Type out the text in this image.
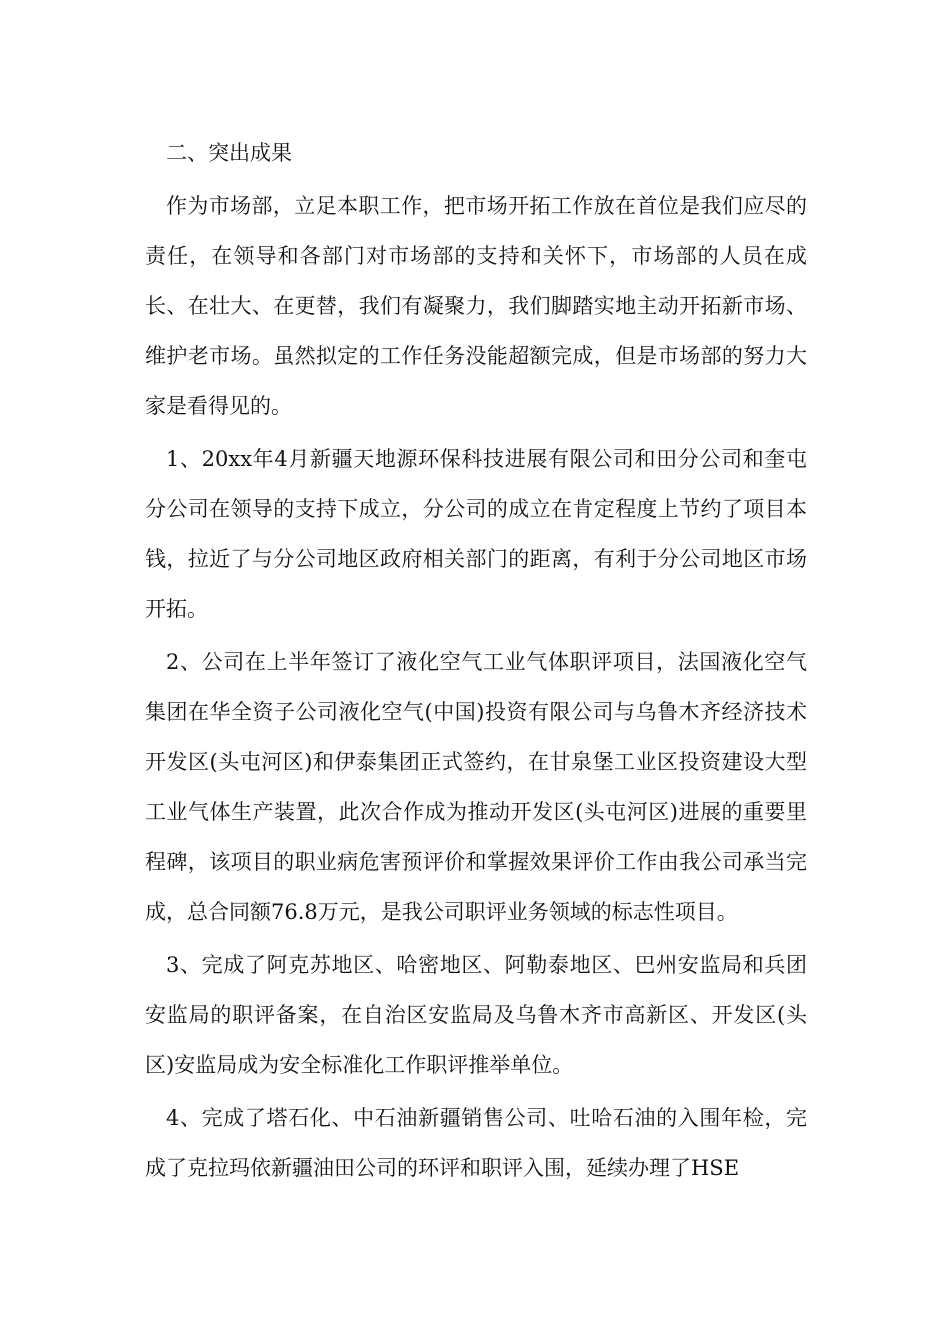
二、突出成果

作为市场部，立足本职工作，把市场开拓工作放在首位是我们应尽的责任，在领导和各部门对市场部的支持和关怀下，市场部的人员在成长、在壮大、在更替，我们有凝聚力，我们脚踏实地主动开拓新市场、维护老市场。虽然拟定的工作任务没能超额完成，但是市场部的努力大家是看得见的。

1、20xx年4月新疆天地源环保科技进展有限公司和田分公司和奎屯分公司在领导的支持下成立，分公司的成立在肯定程度上节约了项目本钱，拉近了与分公司地区政府相关部门的距离，有利于分公司地区市场开拓。

2、公司在上半年签订了液化空气工业气体职评项目，法国液化空气集团在华全资子公司液化空气(中国)投资有限公司与乌鲁木齐经济技术开发区(头屯河区)和伊泰集团正式签约，在甘泉堡工业区投资建设大型工业气体生产装置，此次合作成为推动开发区(头屯河区)进展的重要里程碑，该项目的职业病危害预评价和掌握效果评价工作由我公司承当完成，总合同额76.8万元，是我公司职评业务领域的标志性项目。

3、完成了阿克苏地区、哈密地区、阿勒泰地区、巴州安监局和兵团安监局的职评备案，在自治区安监局及乌鲁木齐市高新区、开发区(头区)安监局成为安全标准化工作职评推举单位。

4、完成了塔石化、中石油新疆销售公司、吐哈石油的入围年检，完成了克拉玛依新疆油田公司的环评和职评入围，延续办理了HSE
